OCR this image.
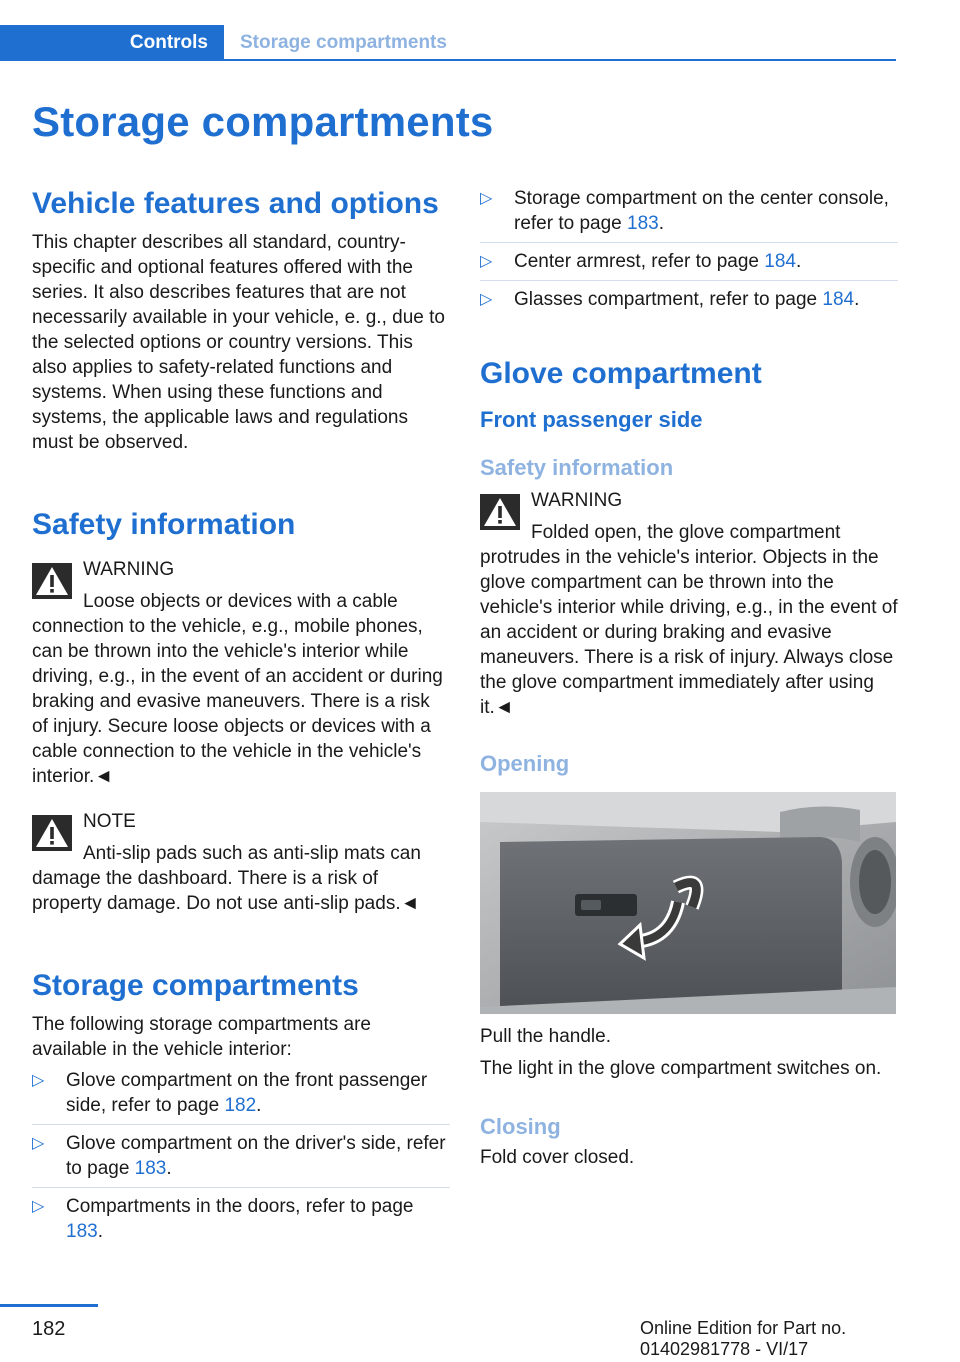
Controls	Storage compartments
Storage compartments
Vehicle features and options

This chapter describes all standard, country-specific and optional features offered with the series. It also describes features that are not necessarily available in your vehicle, e. g., due to the selected options or country versions. This also applies to safety-related functions and systems. When using these functions and systems, the applicable laws and regulations must be observed.

Safety information
WARNING
Loose objects or devices with a cable
connection to the vehicle, e.g., mobile phones, can be thrown into the vehicle's interior while driving, e.g., in the event of an accident or during braking and evasive maneuvers. There is a risk of injury. Secure loose objects or devices with a cable connection to the vehicle in the vehicle's interior.◄
NOTE
Anti-slip pads such as anti-slip mats can
damage the dashboard. There is a risk of property damage. Do not use anti-slip pads.◄
Storage compartments

The following storage compartments are available in the vehicle interior:

▷ Glove compartment on the front passenger side, refer to page 182.
▷ Glove compartment on the driver's side, refer to page 183.
▷ Compartments in the doors, refer to page 183.
▷ Storage compartment on the center console, refer to page 183.
▷ Center armrest, refer to page 184.
▷ Glasses compartment, refer to page 184.
Glove compartment
Front passenger side
Safety information
WARNING
Folded open, the glove compartment
protrudes in the vehicle's interior. Objects in the glove compartment can be thrown into the vehicle's interior while driving, e.g., in the event of an accident or during braking and evasive maneuvers. There is a risk of injury. Always close the glove compartment immediately after using it.◄
Opening

Pull the handle.

The light in the glove compartment switches on.

Closing

Fold cover closed.

182	Online Edition for Part no. 01402981778 - VI/17
